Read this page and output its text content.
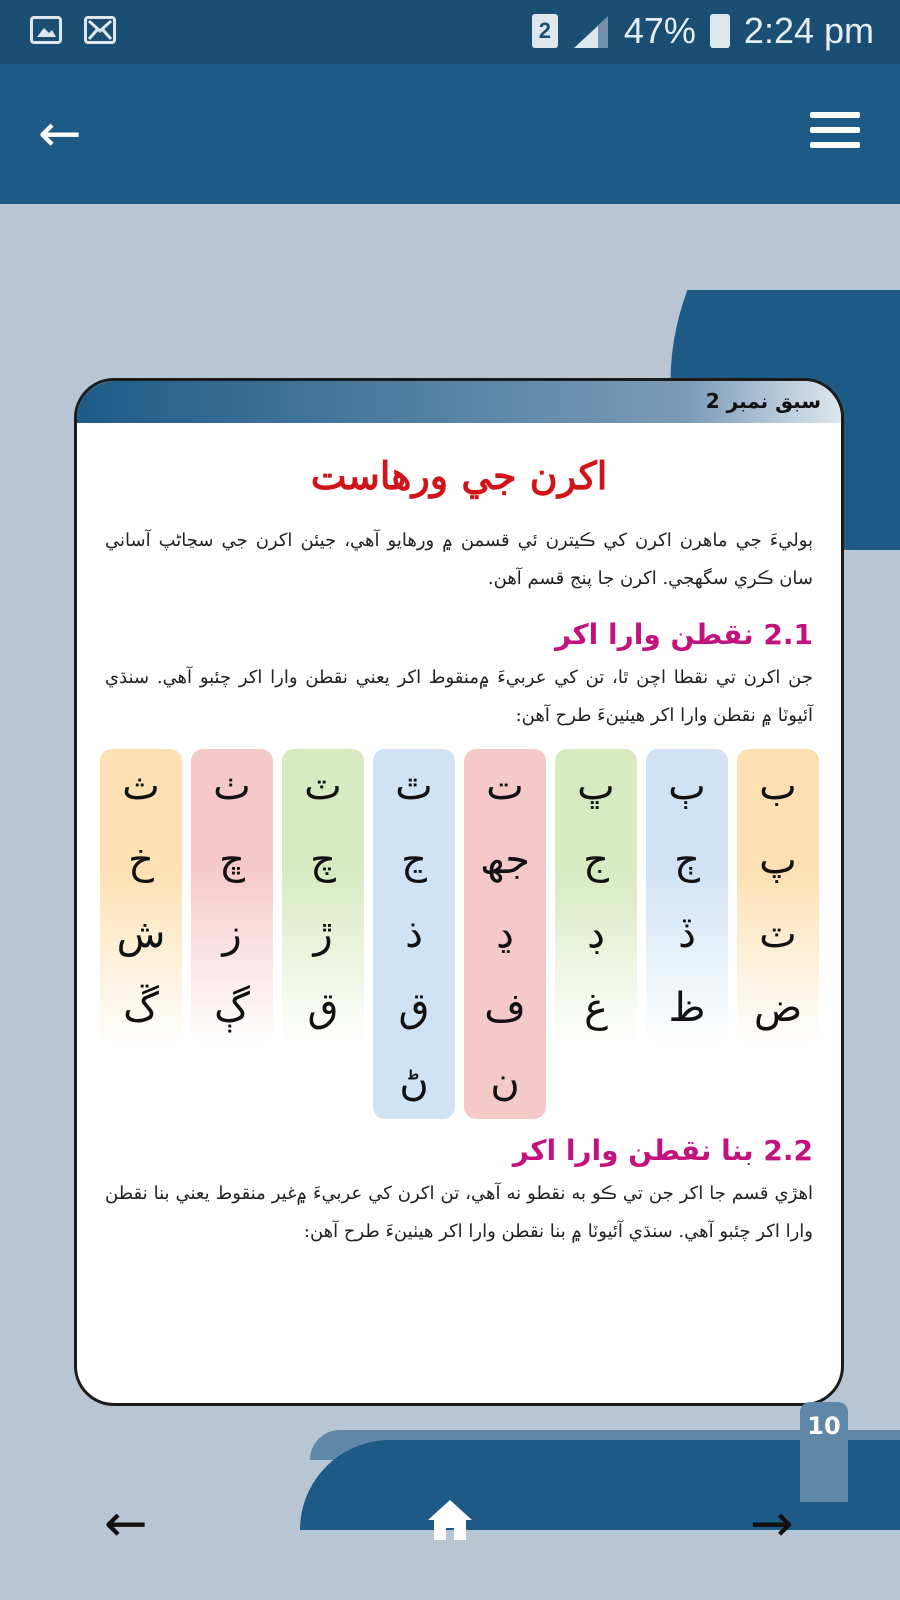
2 47% 2:24 pm
←
سبق نمبر 2
اکرن جي ورهاست

ٻوليءَ جي ماهرن اکرن کي ڪيترن ئي قسمن ۾ ورهايو آهي، جيئن اکرن جي سڃاڻپ آساني سان ڪري سگهجي. اکرن جا پنج قسم آهن.

2.1 نقطن وارا اکر

جن اکرن تي نقطا اچن ٿا، تن کي عربيءَ ۾منقوط اکر يعني نقطن وارا اکر چئبو آهي. سنڌي آئيوٽا ۾ نقطن وارا اکر هيٺينءَ طرح آهن:

ب
پ
ٽ
ض
ٻ
ڄ
ڏ
ظ
ڀ
ج
ڊ
غ
ت
جھ
ڍ
ف
ن
ٿ
ڃ
ذ
ق
ڻ
ٽ
چ
ڙ
ق
ٺ
ڇ
ز
ڳ
ث
خ
ش
ڱ
2.2 بنا نقطن وارا اکر

اهڙي قسم جا اکر جن تي ڪو به نقطو نه آهي، تن اکرن کي عربيءَ ۾غير منقوط يعني بنا نقطن وارا اکر چئبو آهي. سنڌي آئيوٽا ۾ بنا نقطن وارا اکر هيٺينءَ طرح آهن:

10
←	→
